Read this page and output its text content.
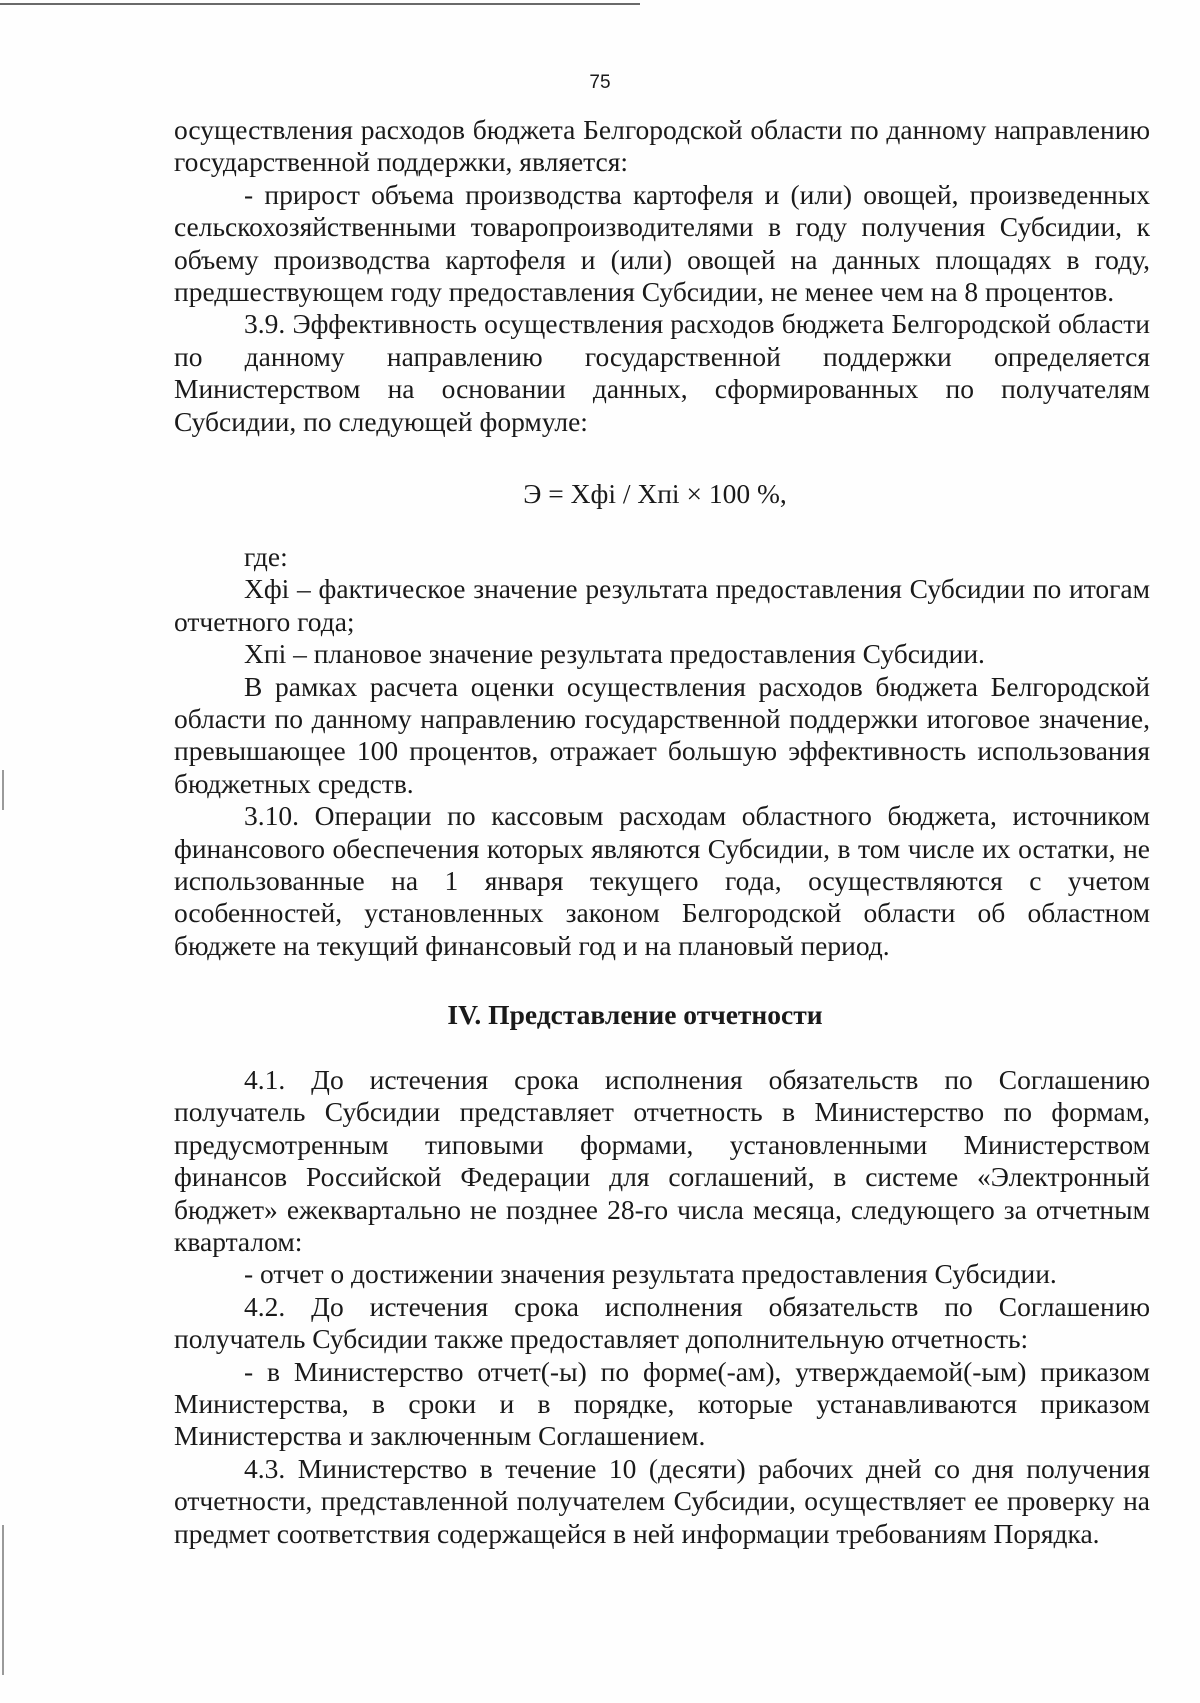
75

осуществления расходов бюджета Белгородской области по данному направлению государственной поддержки, является:

- прирост объема производства картофеля и (или) овощей, произведенных сельскохозяйственными товаропроизводителями в году получения Субсидии, к объему производства картофеля и (или) овощей на данных площадях в году, предшествующем году предоставления Субсидии, не менее чем на 8 процентов.

3.9. Эффективность осуществления расходов бюджета Белгородской области по данному направлению государственной поддержки определяется Министерством на основании данных, сформированных по получателям Субсидии, по следующей формуле:

Э = Хфі / Хпі × 100 %,

где:

Хфі – фактическое значение результата предоставления Субсидии по итогам отчетного года;

Хпі – плановое значение результата предоставления Субсидии.

В рамках расчета оценки осуществления расходов бюджета Белгородской области по данному направлению государственной поддержки итоговое значение, превышающее 100 процентов, отражает большую эффективность использования бюджетных средств.

3.10. Операции по кассовым расходам областного бюджета, источником финансового обеспечения которых являются Субсидии, в том числе их остатки, не использованные на 1 января текущего года, осуществляются с учетом особенностей, установленных законом Белгородской области об областном бюджете на текущий финансовый год и на плановый период.

IV. Представление отчетности

4.1. До истечения срока исполнения обязательств по Соглашению получатель Субсидии представляет отчетность в Министерство по формам, предусмотренным типовыми формами, установленными Министерством финансов Российской Федерации для соглашений, в системе «Электронный бюджет» ежеквартально не позднее 28-го числа месяца, следующего за отчетным кварталом:

- отчет о достижении значения результата предоставления Субсидии.

4.2. До истечения срока исполнения обязательств по Соглашению получатель Субсидии также предоставляет дополнительную отчетность:

- в Министерство отчет(-ы) по форме(-ам), утверждаемой(-ым) приказом Министерства, в сроки и в порядке, которые устанавливаются приказом Министерства и заключенным Соглашением.

4.3. Министерство в течение 10 (десяти) рабочих дней со дня получения отчетности, представленной получателем Субсидии, осуществляет ее проверку на предмет соответствия содержащейся в ней информации требованиям Порядка.
